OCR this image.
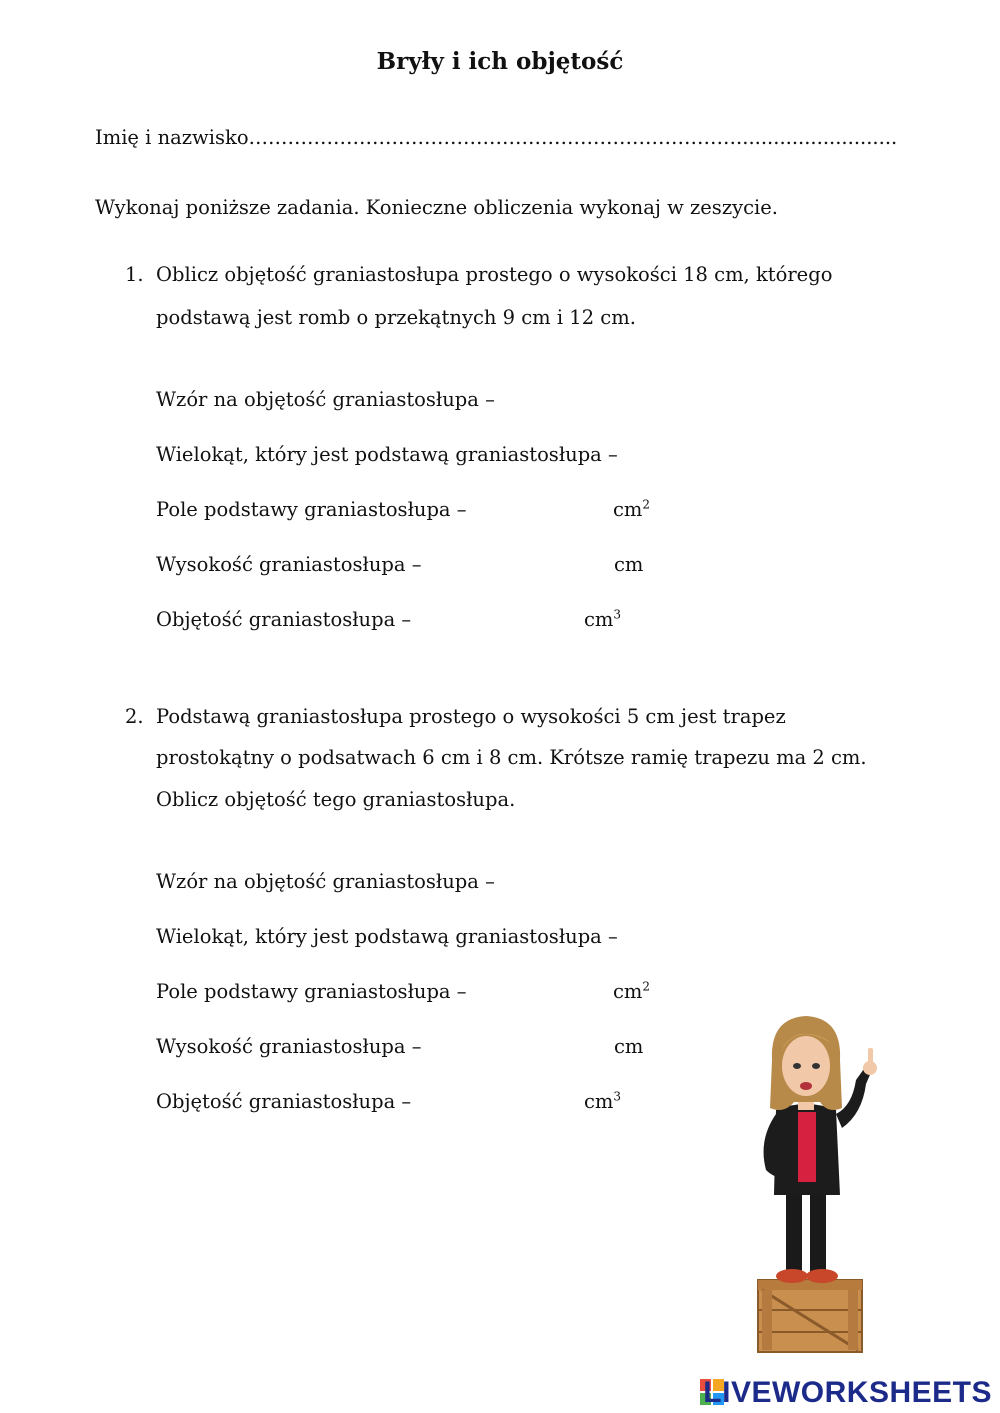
Bryły i ich objętość
Imię i nazwisko…………………………………………………………………..........................
Wykonaj poniższe zadania. Konieczne obliczenia wykonaj w zeszycie.
1. Oblicz objętość graniastosłupa prostego o wysokości 18 cm, którego
podstawą jest romb o przekątnych 9 cm i 12 cm.
Wzór na objętość graniastosłupa –
Wielokąt, który jest podstawą graniastosłupa –
Pole podstawy graniastosłupa –	$cm^2$
Wysokość graniastosłupa –	cm
Objętość graniastosłupa –	$cm^3$
2. Podstawą graniastosłupa prostego o wysokości 5 cm jest trapez
prostokątny o podsatwach 6 cm i 8 cm. Krótsze ramię trapezu ma 2 cm.
Oblicz objętość tego graniastosłupa.
Wzór na objętość graniastosłupa –
Wielokąt, który jest podstawą graniastosłupa –
Pole podstawy graniastosłupa –	$cm^2$
Wysokość graniastosłupa –	cm
Objętość graniastosłupa –	$cm^3$
LIVEWORKSHEETS
